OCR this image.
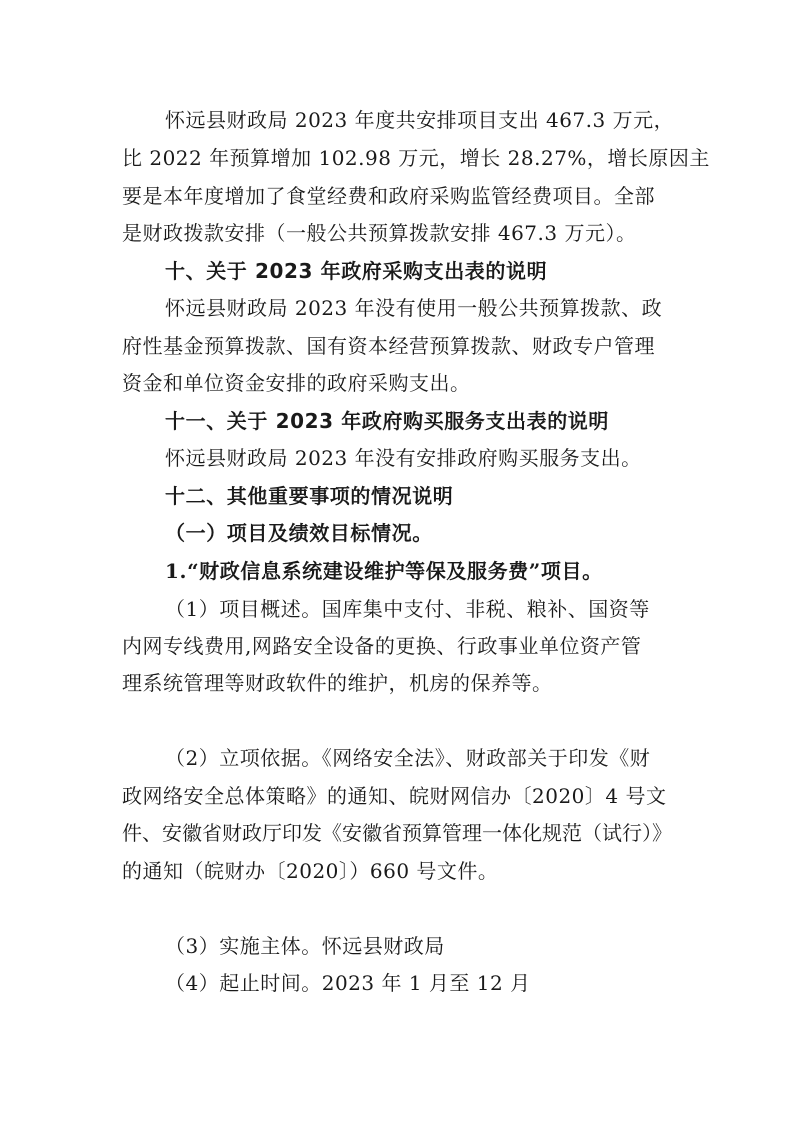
怀远县财政局 2023 年度共安排项目支出 467.3 万元，
比 2022 年预算增加 102.98 万元，增长 28.27%，增长原因主
要是本年度增加了食堂经费和政府采购监管经费项目。全部
是财政拨款安排（一般公共预算拨款安排 467.3 万元）。
十、关于 2023 年政府采购支出表的说明
怀远县财政局 2023 年没有使用一般公共预算拨款、政
府性基金预算拨款、国有资本经营预算拨款、财政专户管理
资金和单位资金安排的政府采购支出。
十一、关于 2023 年政府购买服务支出表的说明
怀远县财政局 2023 年没有安排政府购买服务支出。
十二、其他重要事项的情况说明
（一）项目及绩效目标情况。
1.“财政信息系统建设维护等保及服务费”项目。
（1）项目概述。国库集中支付、非税、粮补、国资等
内网专线费用,网路安全设备的更换、行政事业单位资产管
理系统管理等财政软件的维护，机房的保养等。
（2）立项依据。《网络安全法》、财政部关于印发《财
政网络安全总体策略》的通知、皖财网信办〔2020〕4 号文
件、安徽省财政厅印发《安徽省预算管理一体化规范（试行）》
的通知（皖财办〔2020〕）660 号文件。
（3）实施主体。怀远县财政局
（4）起止时间。2023 年 1 月至 12 月
